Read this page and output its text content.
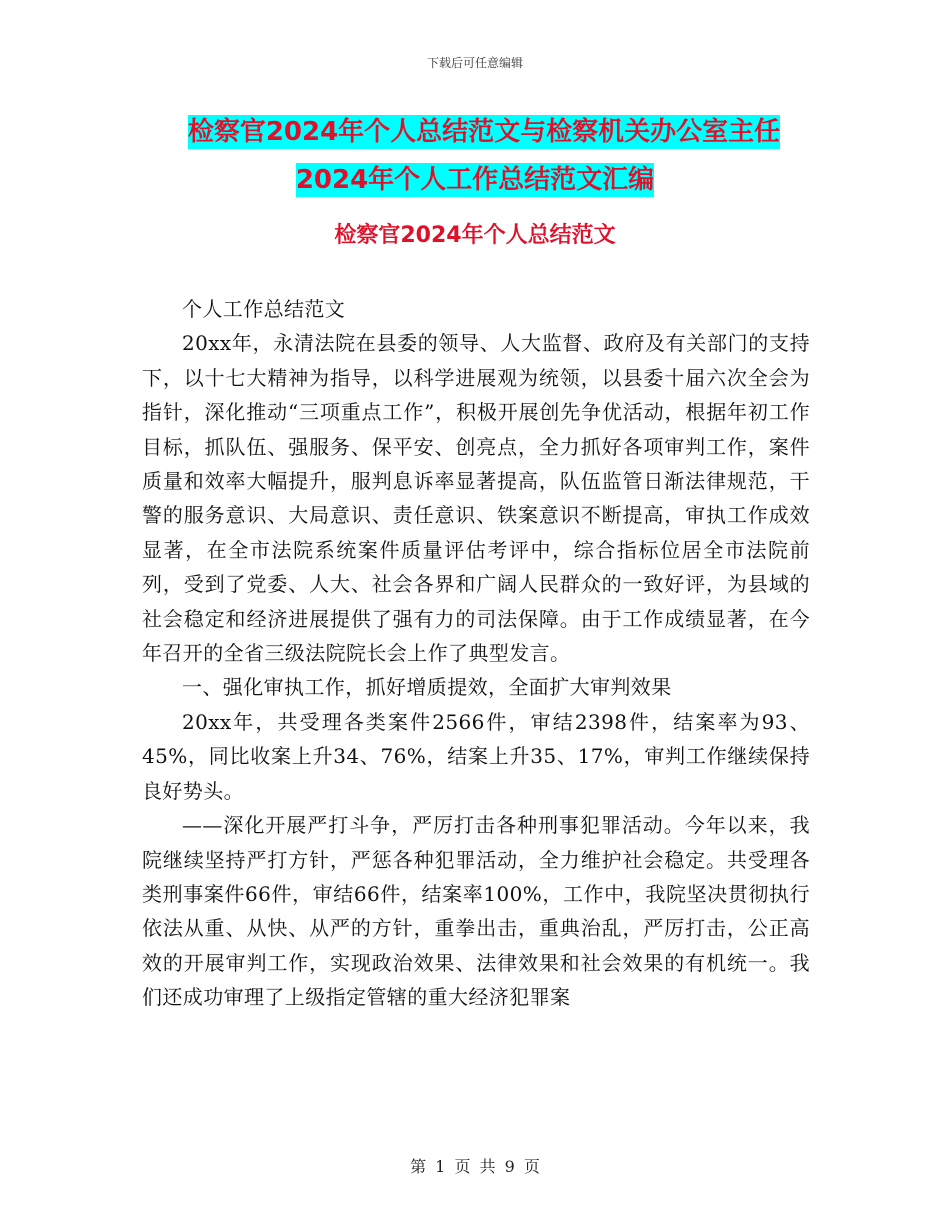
下载后可任意编辑
检察官2024年个人总结范文与检察机关办公室主任
2024年个人工作总结范文汇编
检察官2024年个人总结范文

个人工作总结范文

20xx年，永清法院在县委的领导、人大监督、政府及有关部门的支持下，以十七大精神为指导，以科学进展观为统领，以县委十届六次全会为指针，深化推动“三项重点工作”，积极开展创先争优活动，根据年初工作目标，抓队伍、强服务、保平安、创亮点，全力抓好各项审判工作，案件质量和效率大幅提升，服判息诉率显著提高，队伍监管日渐法律规范，干警的服务意识、大局意识、责任意识、铁案意识不断提高，审执工作成效显著，在全市法院系统案件质量评估考评中，综合指标位居全市法院前列，受到了党委、人大、社会各界和广阔人民群众的一致好评，为县域的社会稳定和经济进展提供了强有力的司法保障。由于工作成绩显著，在今年召开的全省三级法院院长会上作了典型发言。

一、强化审执工作，抓好增质提效，全面扩大审判效果

20xx年，共受理各类案件2566件，审结2398件，结案率为93、45%，同比收案上升34、76%，结案上升35、17%，审判工作继续保持良好势头。

——深化开展严打斗争，严厉打击各种刑事犯罪活动。今年以来，我院继续坚持严打方针，严惩各种犯罪活动，全力维护社会稳定。共受理各类刑事案件66件，审结66件，结案率100%，工作中，我院坚决贯彻执行依法从重、从快、从严的方针，重拳出击，重典治乱，严厉打击，公正高效的开展审判工作，实现政治效果、法律效果和社会效果的有机统一。我们还成功审理了上级指定管辖的重大经济犯罪案

第 1 页 共 9 页
